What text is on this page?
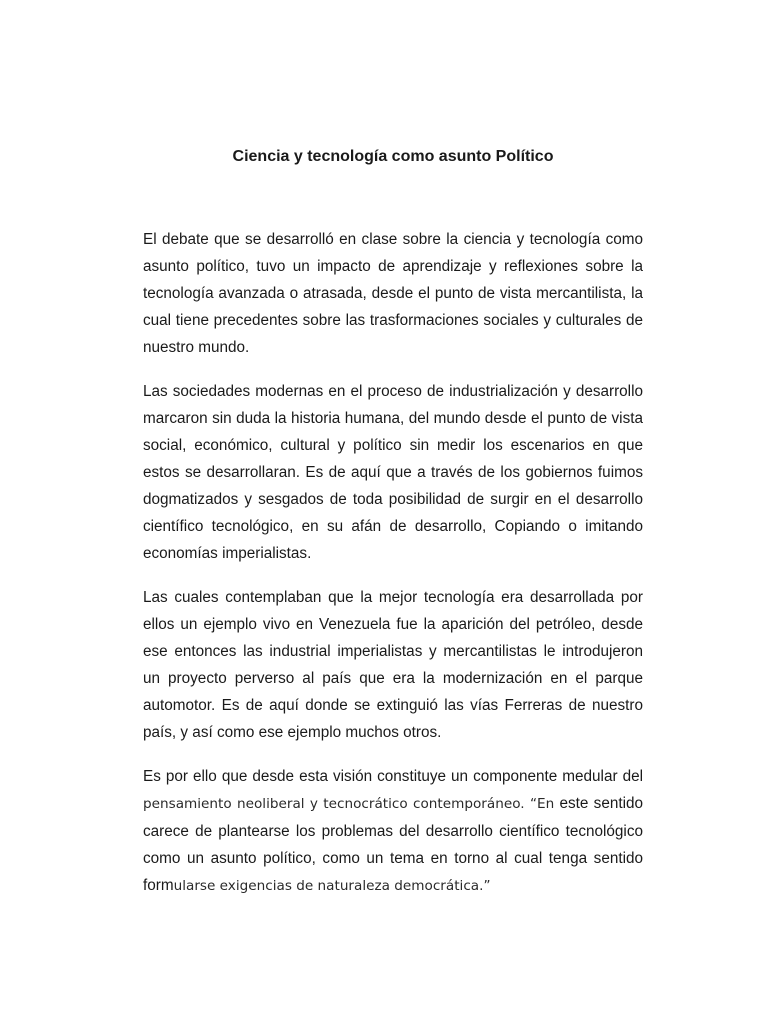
Ciencia y tecnología como asunto Político

El debate que se desarrolló en clase sobre la ciencia y tecnología como asunto político, tuvo un impacto de aprendizaje y reflexiones sobre la tecnología avanzada o atrasada, desde el punto de vista mercantilista, la cual tiene precedentes sobre las trasformaciones sociales y culturales de nuestro mundo.

Las sociedades modernas en el proceso de industrialización y desarrollo marcaron sin duda la historia humana, del mundo desde el punto de vista social, económico, cultural y político sin medir los escenarios en que estos se desarrollaran. Es de aquí que a través de los gobiernos fuimos dogmatizados y sesgados de toda posibilidad de surgir en el desarrollo científico tecnológico, en su afán de desarrollo, Copiando o imitando economías imperialistas.

Las cuales contemplaban que la mejor tecnología era desarrollada por ellos un ejemplo vivo en Venezuela fue la aparición del petróleo, desde ese entonces las industrial imperialistas y mercantilistas le introdujeron un proyecto perverso al país que era la modernización en el parque automotor. Es de aquí donde se extinguió las vías Ferreras de nuestro país, y así como ese ejemplo muchos otros.

Es por ello que desde esta visión constituye un componente medular del pensamiento neoliberal y tecnocrático contemporáneo. “En este sentido carece de plantearse los problemas del desarrollo científico tecnológico como un asunto político, como un tema en torno al cual tenga sentido formularse exigencias de naturaleza democrática.”
